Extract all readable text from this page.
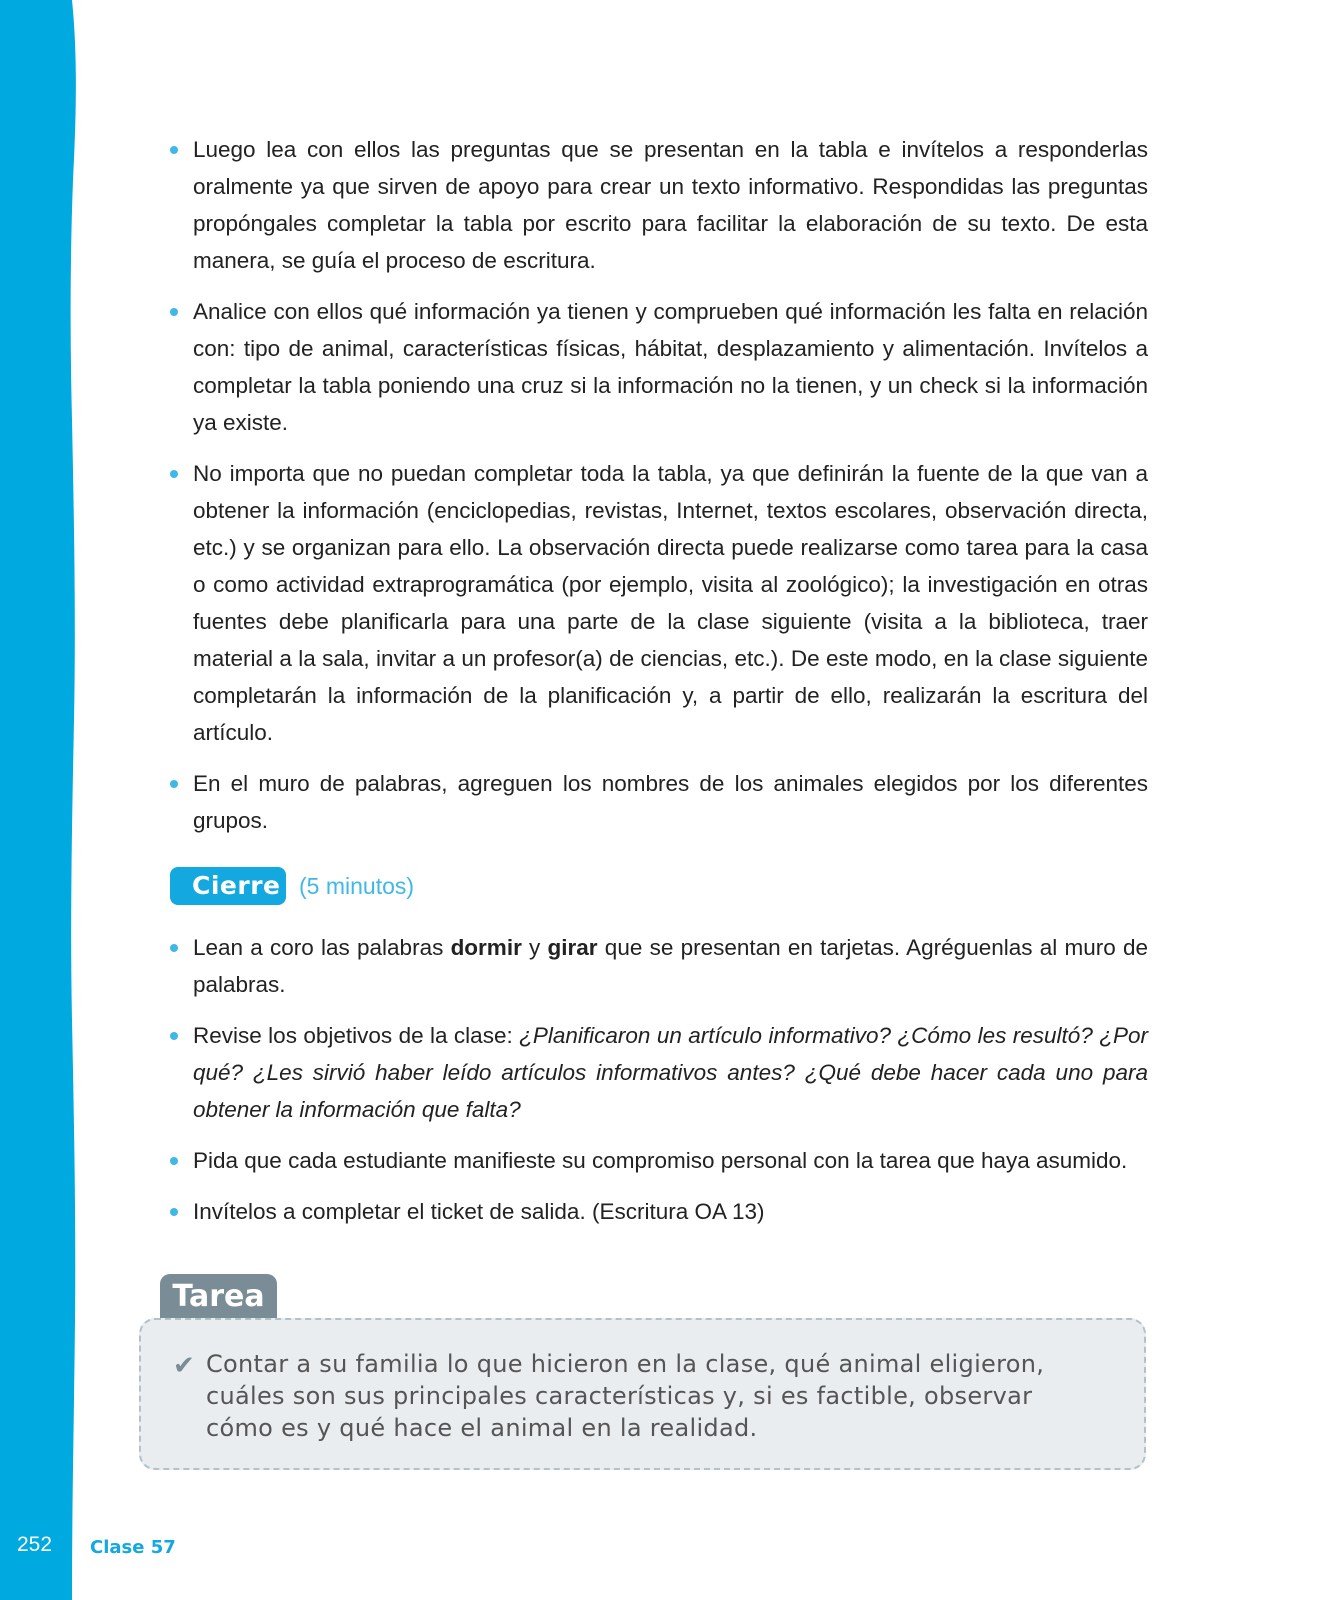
Luego lea con ellos las preguntas que se presentan en la tabla e invítelos a responderlas oralmente ya que sirven de apoyo para crear un texto informativo. Respondidas las preguntas propóngales completar la tabla por escrito para facilitar la elaboración de su texto. De esta manera, se guía el proceso de escritura.
Analice con ellos qué información ya tienen y comprueben qué información les falta en relación con: tipo de animal, características físicas, hábitat, desplazamiento y alimentación. Invítelos a completar la tabla poniendo una cruz si la información no la tienen, y un check si la información ya existe.
No importa que no puedan completar toda la tabla, ya que definirán la fuente de la que van a obtener la información (enciclopedias, revistas, Internet, textos escolares, observación directa, etc.) y se organizan para ello. La observación directa puede realizarse como tarea para la casa o como actividad extraprogramática (por ejemplo, visita al zoológico); la investigación en otras fuentes debe planificarla para una parte de la clase siguiente (visita a la biblioteca, traer material a la sala, invitar a un profesor(a) de ciencias, etc.). De este modo, en la clase siguiente completarán la información de la planificación y, a partir de ello, realizarán la escritura del artículo.
En el muro de palabras, agreguen los nombres de los animales elegidos por los diferentes grupos.
Cierre (5 minutos)
Lean a coro las palabras dormir y girar que se presentan en tarjetas. Agréguenlas al muro de palabras.
Revise los objetivos de la clase: ¿Planificaron un artículo informativo? ¿Cómo les resultó? ¿Por qué? ¿Les sirvió haber leído artículos informativos antes? ¿Qué debe hacer cada uno para obtener la información que falta?
Pida que cada estudiante manifieste su compromiso personal con la tarea que haya asumido.
Invítelos a completar el ticket de salida. (Escritura OA 13)
Tarea
✔ Contar a su familia lo que hicieron en la clase, qué animal eligieron, cuáles son sus principales características y, si es factible, observar cómo es y qué hace el animal en la realidad.
252 Clase 57
